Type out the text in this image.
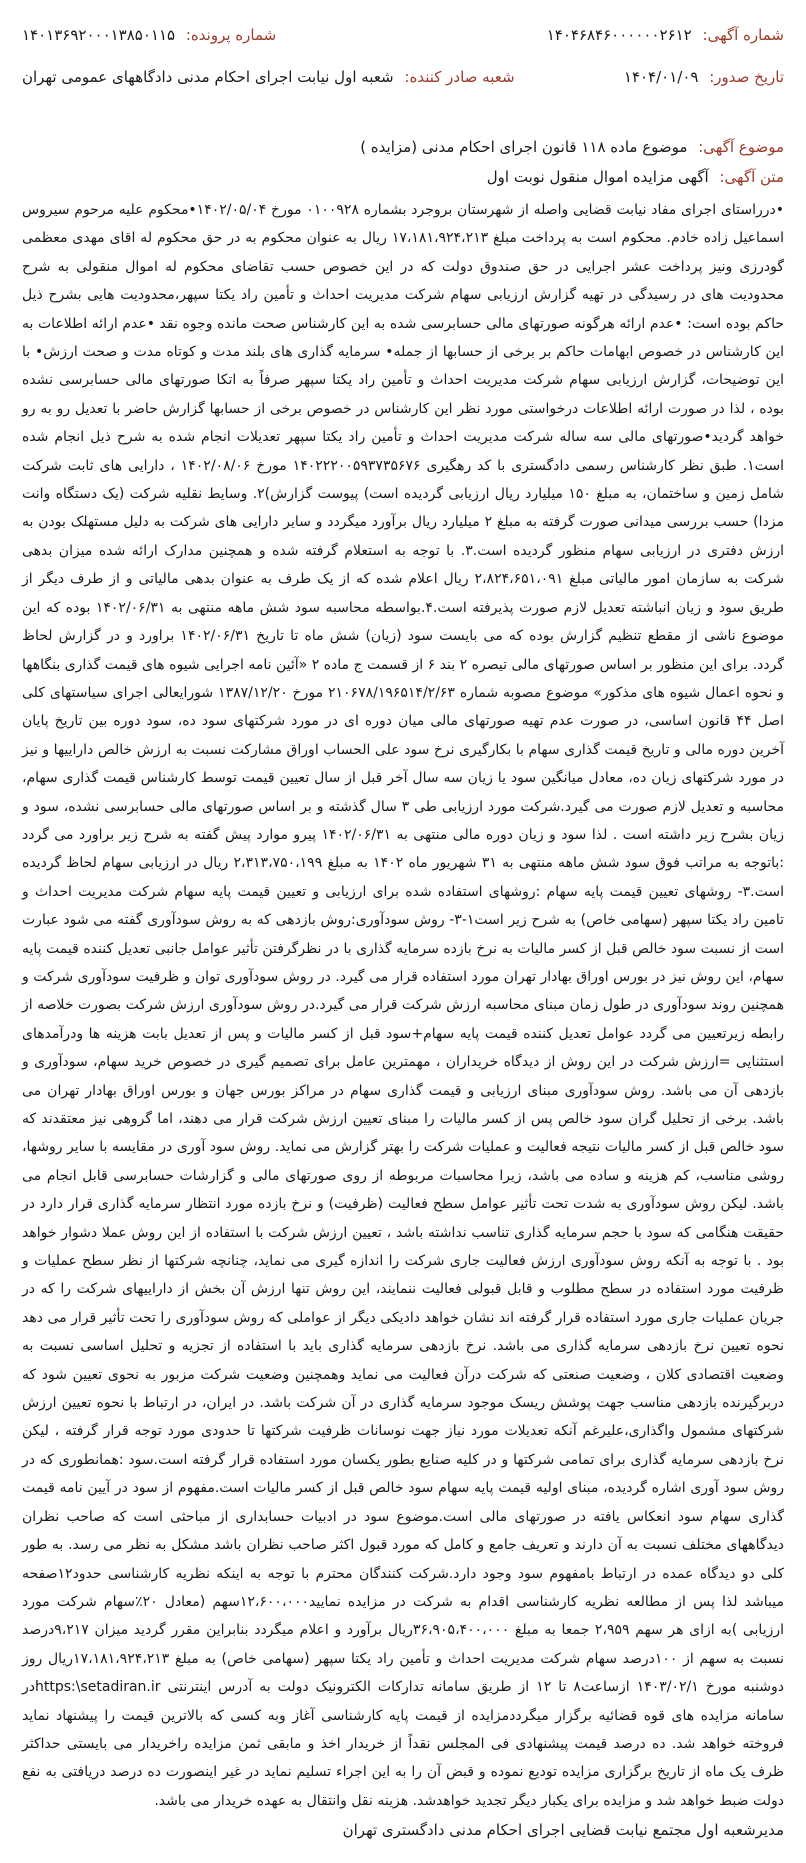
شماره آگهی: ۱۴۰۴۶۸۴۶۰۰۰۰۰۰۲۶۱۲
شماره پرونده: ۱۴۰۱۳۶۹۲۰۰۰۱۳۸۵۰۱۱۵
تاریخ صدور: ۱۴۰۴/۰۱/۰۹
شعبه صادر کننده: شعبه اول نیابت اجرای احکام مدنی دادگاههای عمومی تهران
موضوع آگهی: موضوع ماده ۱۱۸ قانون اجرای احکام مدنی (مزایده )
متن آگهی: آگهی مزایده اموال منقول نوبت اول

•درراستای اجرای مفاد نیابت قضایی واصله از شهرستان بروجرد بشماره ۰۱۰۰۹۲۸ مورخ ۱۴۰۲/۰۵/۰۴•محکوم علیه مرحوم سیروس اسماعیل زاده خادم. محکوم است به پرداخت مبلغ ۱۷،۱۸۱،۹۲۴،۲۱۳ ریال به عنوان محکوم به در حق محکوم له اقای مهدی معظمی گودرزی ونیز پرداخت عشر اجرایی در حق صندوق دولت که در این خصوص حسب تقاضای محکوم له اموال منقولی به شرح محدودیت های در رسیدگی در تهیه گزارش ارزیابی سهام شرکت مدیریت احداث و تأمین راد یکتا سپهر،محدودیت هایی بشرح ذیل حاکم بوده است: •عدم ارائه هرگونه صورتهای مالی حسابرسی شده به این کارشناس صحت مانده وجوه نقد •عدم ارائه اطلاعات به این کارشناس در خصوص ابهامات حاکم بر برخی از حسابها از جمله• سرمایه گذاری های بلند مدت و کوتاه مدت و صحت ارزش• با این توضیحات، گزارش ارزیابی سهام شرکت مدیریت احداث و تأمین راد یکتا سپهر صرفاً به اتکا صورتهای مالی حسابرسی نشده بوده ، لذا در صورت ارائه اطلاعات درخواستی مورد نظر این کارشناس در خصوص برخی از حسابها گزارش حاضر با تعدیل رو به رو خواهد گردید•صورتهای مالی سه ساله شرکت مدیریت احداث و تأمین راد یکتا سپهر تعدیلات انجام شده به شرح ذیل انجام شده است۱. طبق نظر کارشناس رسمی دادگستری با کد رهگیری ۱۴۰۲۲۲۰۰۵۹۳۷۳۵۶۷۶ مورخ ۱۴۰۲/۰۸/۰۶ ، دارایی های ثابت شرکت شامل زمین و ساختمان، به مبلغ ۱۵۰ میلیارد ریال ارزیابی گردیده است) پیوست گزارش)۲. وسایط نقلیه شرکت (یک دستگاه وانت مزدا) حسب بررسی میدانی صورت گرفته به مبلغ ۲ میلیارد ریال برآورد میگردد و سایر دارایی های شرکت به دلیل مستهلک بودن به ارزش دفتری در ارزیابی سهام منظور گردیده است.۳. با توجه به استعلام گرفته شده و همچنین مدارک ارائه شده میزان بدهی شرکت به سازمان امور مالیاتی مبلغ ۲،۸۲۴،۶۵۱،۰۹۱ ریال اعلام شده که از یک طرف به عنوان بدهی مالیاتی و از طرف دیگر از طریق سود و زیان انباشته تعدیل لازم صورت پذیرفته است.۴.بواسطه محاسبه سود شش ماهه منتهی به ۱۴۰۲/۰۶/۳۱ بوده که این موضوع ناشی از مقطع تنظیم گزارش بوده که می بایست سود (زیان) شش ماه تا تاریخ ۱۴۰۲/۰۶/۳۱ براورد و در گزارش لحاظ گردد. برای این منظور بر اساس صورتهای مالی تیصره ۲ بند ۶ از قسمت ج ماده ۲ «آئین نامه اجرایی شیوه های قیمت گذاری بنگاهها و نحوه اعمال شیوه های مذکور» موضوع مصوبه شماره ۲۱۰۶۷۸/۱۹۶۵۱۴/۲/۶۳ مورخ ۱۳۸۷/۱۲/۲۰ شورایعالی اجرای سیاستهای کلی اصل ۴۴ قانون اساسی، در صورت عدم تهیه صورتهای مالی میان دوره ای در مورد شرکتهای سود ده، سود دوره بین تاریخ پایان آخرین دوره مالی و تاریخ قیمت گذاری سهام با بکارگیری نرخ سود علی الحساب اوراق مشارکت نسبت به ارزش خالص داراییها و نیز در مورد شرکتهای زیان ده، معادل میانگین سود یا زیان سه سال آخر قبل از سال تعیین قیمت توسط کارشناس قیمت گذاری سهام، محاسبه و تعدیل لازم صورت می گیرد.شرکت مورد ارزیابی طی ۳ سال گذشته و بر اساس صورتهای مالی حسابرسی نشده، سود و زیان بشرح زیر داشته است . لذا سود و زیان دوره مالی منتهی به ۱۴۰۲/۰۶/۳۱ پیرو موارد پیش گفته به شرح زیر براورد می گردد :باتوجه به مراتب فوق سود شش ماهه منتهی به ۳۱ شهریور ماه ۱۴۰۲ به مبلغ ۲،۳۱۳،۷۵۰،۱۹۹ ریال در ارزیابی سهام لحاظ گردیده است.۳- روشهای تعیین قیمت پایه سهام :روشهای استفاده شده برای ارزیابی و تعیین قیمت پایه سهام شرکت مدیریت احداث و تامین راد یکتا سپهر (سهامی خاص) به شرح زیر است۱-۳- روش سودآوری:روش بازدهی که به روش سودآوری گفته می شود عبارت است از نسبت سود خالص قبل از کسر مالیات به نرخ بازده سرمایه گذاری با در نظرگرفتن تأثیر عوامل جانبی تعدیل کننده قیمت پایه سهام، این روش نیز در بورس اوراق بهادار تهران مورد استفاده قرار می گیرد. در روش سودآوری توان و ظرفیت سودآوری شرکت و همچنین روند سودآوری در طول زمان مبنای محاسبه ارزش شرکت قرار می گیرد.در روش سودآوری ارزش شرکت بصورت خلاصه از رابطه زیرتعیین می گردد عوامل تعدیل کننده قیمت پایه سهام+سود قبل از کسر مالیات و پس از تعدیل بابت هزینه ها ودرآمدهای استثنایی =ارزش شرکت در این روش از دیدگاه خریداران ، مهمترین عامل برای تصمیم گیری در خصوص خرید سهام، سودآوری و بازدهی آن می باشد. روش سودآوری مبنای ارزیابی و قیمت گذاری سهام در مراکز بورس جهان و بورس اوراق بهادار تهران می باشد. برخی از تحلیل گران سود خالص پس از کسر مالیات را مبنای تعیین ارزش شرکت قرار می دهند، اما گروهی نیز معتقدند که سود خالص قبل از کسر مالیات نتیجه فعالیت و عملیات شرکت را بهتر گزارش می نماید. روش سود آوری در مقایسه با سایر روشها، روشی مناسب، کم هزینه و ساده می باشد، زیرا محاسبات مربوطه از روی صورتهای مالی و گزارشات حسابرسی قابل انجام می باشد. لیکن روش سودآوری به شدت تحت تأثیر عوامل سطح فعالیت (ظرفیت) و نرخ بازده مورد انتظار سرمایه گذاری قرار دارد در حقیقت هنگامی که سود با حجم سرمایه گذاری تناسب نداشته باشد ، تعیین ارزش شرکت با استفاده از این روش عملا دشوار خواهد بود . با توجه به آنکه روش سودآوری ارزش فعالیت جاری شرکت را اندازه گیری می نماید، چنانچه شرکتها از نظر سطح عملیات و ظرفیت مورد استفاده در سطح مطلوب و قابل قبولی فعالیت ننمایند، این روش تنها ارزش آن بخش از داراییهای شرکت را که در جریان عملیات جاری مورد استفاده قرار گرفته اند نشان خواهد دادیکی دیگر از عواملی که روش سودآوری را تحت تأثیر قرار می دهد نحوه تعیین نرخ بازدهی سرمایه گذاری می باشد. نرخ بازدهی سرمایه گذاری باید با استفاده از تجزیه و تحلیل اساسی نسبت به وضعیت اقتصادی کلان ، وضعیت صنعتی که شرکت درآن فعالیت می نماید وهمچنین وضعیت شرکت مزبور به نحوی تعیین شود که دربرگیرنده بازدهی مناسب جهت پوشش ریسک موجود سرمایه گذاری در آن شرکت باشد. در ایران، در ارتباط با نحوه تعیین ارزش شرکتهای مشمول واگذاری،علیرغم آنکه تعدیلات مورد نیاز جهت نوسانات ظرفیت شرکتها تا حدودی مورد توجه قرار گرفته ، لیکن نرخ بازدهی سرمایه گذاری برای تمامی شرکتها و در کلیه صنایع بطور یکسان مورد استفاده قرار گرفته است.سود :همانطوری که در روش سود آوری اشاره گردیده، مبنای اولیه قیمت پایه سهام سود خالص قبل از کسر مالیات است.مفهوم از سود در آیین نامه قیمت گذاری سهام سود انعکاس یافته در صورتهای مالی است.موضوع سود در ادبیات حسابداری از مباحثی است که صاحب نظران دیدگاههای مختلف نسبت به آن دارند و تعریف جامع و کامل که مورد قبول اکثر صاحب نظران باشد مشکل به نظر می رسد. به طور کلی دو دیدگاه عمده در ارتباط بامفهوم سود وجود دارد.شرکت کنندگان محترم با توجه به اینکه نظریه کارشناسی حدود۱۲صفحه میباشد لذا پس از مطالعه نظریه کارشناسی اقدام به شرکت در مزایده نمایید۱۲،۶۰۰،۰۰۰سهم (معادل ۲۰٪سهام شرکت مورد ارزیابی )به ازای هر سهم ۲،۹۵۹ جمعا به مبلغ ۳۶،۹۰۵،۴۰۰،۰۰۰ریال برآورد و اعلام میگردد بنابراین مقرر گردید میزان ۹،۲۱۷درصد نسبت به سهم از ۱۰۰درصد سهام شرکت مدیریت احداث و تأمین راد یکتا سپهر (سهامی خاص) به مبلغ ۱۷،۱۸۱،۹۲۴،۲۱۳ریال روز دوشنبه مورخ ۱۴۰۳/۰۲/۱ ازساعت۸ تا ۱۲ از طریق سامانه تدارکات الکترونیک دولت به آدرس اینترنتی https:\setadiran.irدر سامانه مزایده های قوه قضائیه برگزار میگرددمزایده از قیمت پایه کارشناسی آغاز وبه کسی که بالاترین قیمت را پیشنهاد نماید فروخته خواهد شد. ده درصد قیمت پیشنهادی فی المجلس نقداً از خریدار اخذ و مابقی ثمن مزایده راخریدار می بایستی حداکثر ظرف یک ماه از تاریخ برگزاری مزایده تودیع نموده و قبض آن را به این اجراء تسلیم نماید در غیر اینصورت ده درصد دریافتی به نفع دولت ضبط خواهد شد و مزایده برای یکبار دیگر تجدید خواهدشد. هزینه نقل وانتقال به عهده خریدار می باشد.

مدیرشعبه اول مجتمع نیابت قضایی اجرای احکام مدنی دادگستری تهران
